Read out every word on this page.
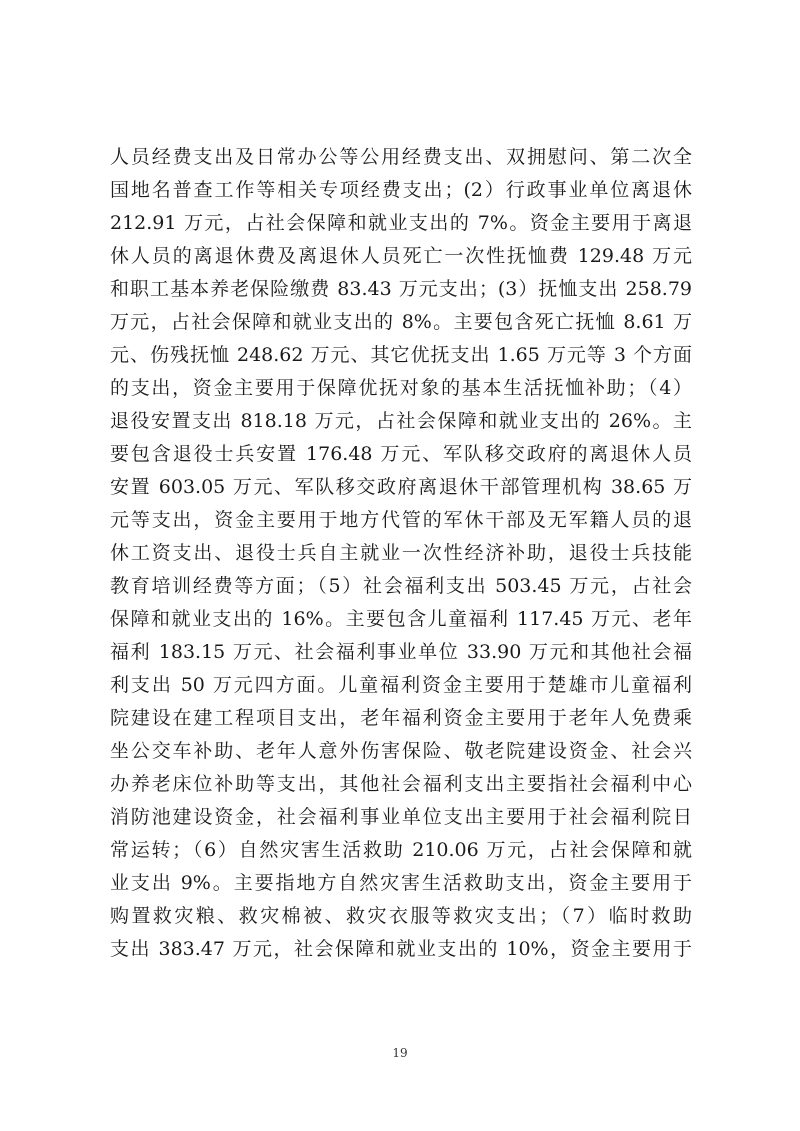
人员经费支出及日常办公等公用经费支出、双拥慰问、第二次全
国地名普查工作等相关专项经费支出；(2）行政事业单位离退休
212.91 万元，占社会保障和就业支出的 7%。资金主要用于离退
休人员的离退休费及离退休人员死亡一次性抚恤费 129.48 万元
和职工基本养老保险缴费 83.43 万元支出；(3）抚恤支出 258.79
万元，占社会保障和就业支出的 8%。主要包含死亡抚恤 8.61 万
元、伤残抚恤 248.62 万元、其它优抚支出 1.65 万元等 3 个方面
的支出，资金主要用于保障优抚对象的基本生活抚恤补助；（4）
退役安置支出 818.18 万元，占社会保障和就业支出的 26%。主
要包含退役士兵安置 176.48 万元、军队移交政府的离退休人员
安置 603.05 万元、军队移交政府离退休干部管理机构 38.65 万
元等支出，资金主要用于地方代管的军休干部及无军籍人员的退
休工资支出、退役士兵自主就业一次性经济补助，退役士兵技能
教育培训经费等方面；（5）社会福利支出 503.45 万元，占社会
保障和就业支出的 16%。主要包含儿童福利 117.45 万元、老年
福利 183.15 万元、社会福利事业单位 33.90 万元和其他社会福
利支出 50 万元四方面。儿童福利资金主要用于楚雄市儿童福利
院建设在建工程项目支出，老年福利资金主要用于老年人免费乘
坐公交车补助、老年人意外伤害保险、敬老院建设资金、社会兴
办养老床位补助等支出，其他社会福利支出主要指社会福利中心
消防池建设资金，社会福利事业单位支出主要用于社会福利院日
常运转；（6）自然灾害生活救助 210.06 万元，占社会保障和就
业支出 9%。主要指地方自然灾害生活救助支出，资金主要用于
购置救灾粮、救灾棉被、救灾衣服等救灾支出；（7）临时救助
支出 383.47 万元，社会保障和就业支出的 10%，资金主要用于
19
